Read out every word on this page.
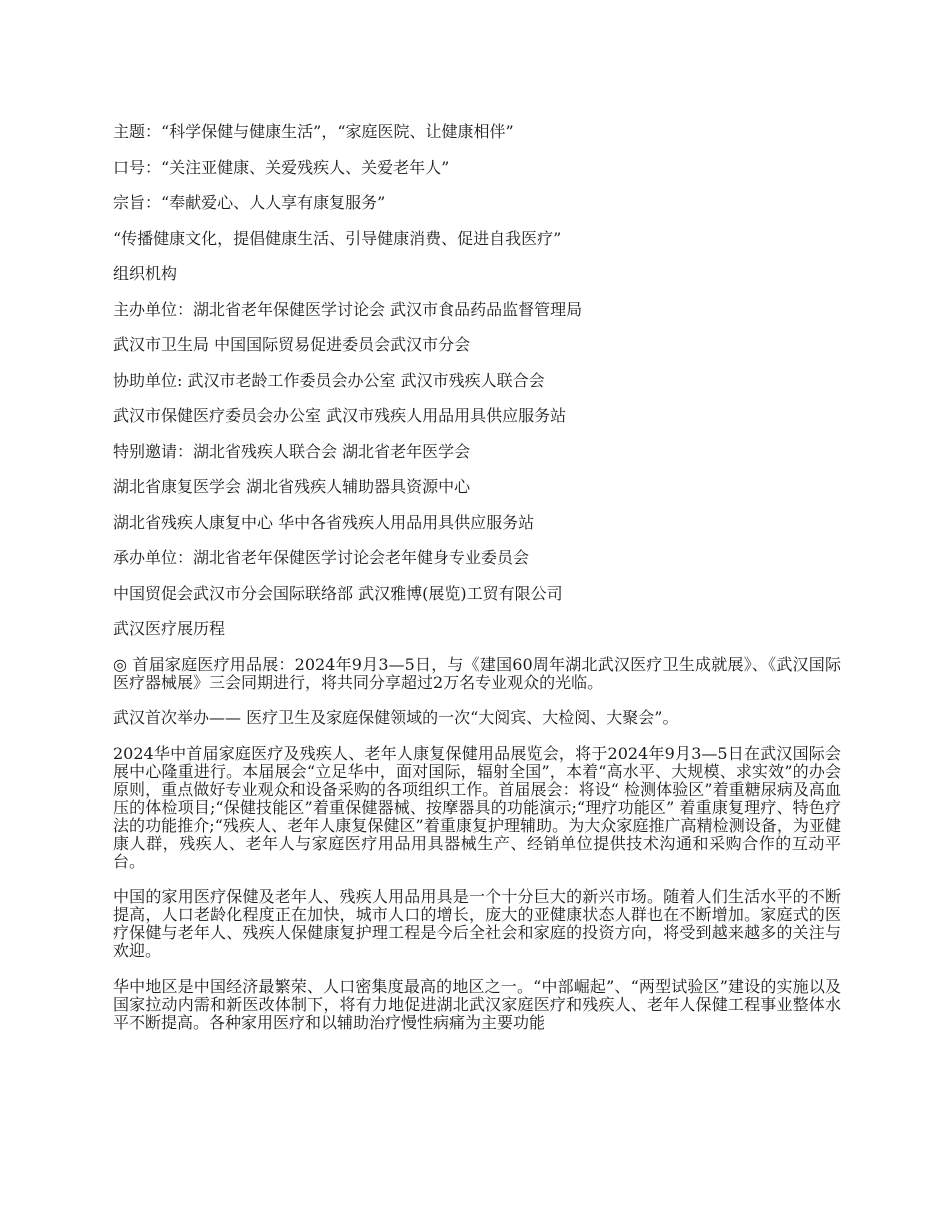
主题：“科学保健与健康生活”，“家庭医院、让健康相伴”

口号：“关注亚健康、关爱残疾人、关爱老年人”

宗旨：“奉献爱心、人人享有康复服务”

“传播健康文化，提倡健康生活、引导健康消费、促进自我医疗”

组织机构

主办单位：湖北省老年保健医学讨论会 武汉市食品药品监督管理局

武汉市卫生局 中国国际贸易促进委员会武汉市分会

协助单位: 武汉市老龄工作委员会办公室 武汉市残疾人联合会

武汉市保健医疗委员会办公室 武汉市残疾人用品用具供应服务站

特别邀请：湖北省残疾人联合会 湖北省老年医学会

湖北省康复医学会 湖北省残疾人辅助器具资源中心

湖北省残疾人康复中心 华中各省残疾人用品用具供应服务站

承办单位：湖北省老年保健医学讨论会老年健身专业委员会

中国贸促会武汉市分会国际联络部 武汉雅博(展览)工贸有限公司

武汉医疗展历程

◎ 首届家庭医疗用品展：2024年9月3—5日，与《建国60周年湖北武汉医疗卫生成就展》、《武汉国际医疗器械展》三会同期进行，将共同分享超过2万名专业观众的光临。

武汉首次举办—— 医疗卫生及家庭保健领域的一次“大阅宾、大检阅、大聚会”。

2024华中首届家庭医疗及残疾人、老年人康复保健用品展览会，将于2024年9月3—5日在武汉国际会展中心隆重进行。本届展会“立足华中，面对国际，辐射全国”，本着“高水平、大规模、求实效”的办会原则，重点做好专业观众和设备采购的各项组织工作。首届展会：将设“ 检测体验区”着重糖尿病及高血压的体检项目;“保健技能区”着重保健器械、按摩器具的功能演示;“理疗功能区” 着重康复理疗、特色疗法的功能推介;“残疾人、老年人康复保健区”着重康复护理辅助。为大众家庭推广高精检测设备，为亚健康人群，残疾人、老年人与家庭医疗用品用具器械生产、经销单位提供技术沟通和采购合作的互动平台。

中国的家用医疗保健及老年人、残疾人用品用具是一个十分巨大的新兴市场。随着人们生活水平的不断提高，人口老龄化程度正在加快，城市人口的增长，庞大的亚健康状态人群也在不断增加。家庭式的医疗保健与老年人、残疾人保健康复护理工程是今后全社会和家庭的投资方向，将受到越来越多的关注与欢迎。

华中地区是中国经济最繁荣、人口密集度最高的地区之一。“中部崛起”、“两型试验区”建设的实施以及国家拉动内需和新医改体制下，将有力地促进湖北武汉家庭医疗和残疾人、老年人保健工程事业整体水平不断提高。各种家用医疗和以辅助治疗慢性病痛为主要功能
